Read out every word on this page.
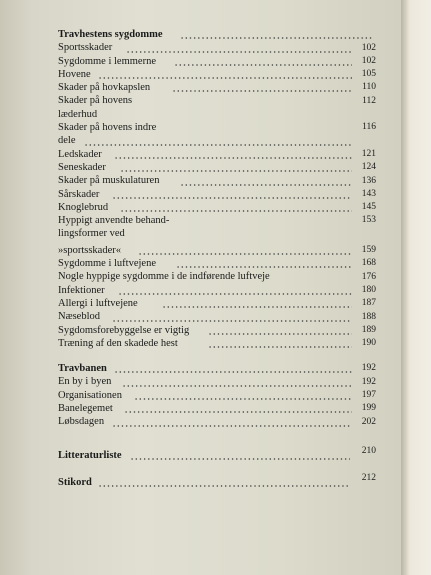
Travhestens sygdomme
Sportsskader	102
Sygdomme i lemmerne	102
Hovene	105
Skader på hovkapslen	110
Skader på hovens	112
læderhud
Skader på hovens indre	116
dele
Ledskader	121
Seneskader	124
Skader på muskulaturen	136
Sårskader	143
Knoglebrud	145
Hyppigt anvendte behand-	153
lingsformer ved
»sportsskader«	159
Sygdomme i luftvejene	168
Nogle hyppige sygdomme i de indførende luftveje	176
Infektioner	180
Allergi i luftvejene	187
Næseblod	188
Sygdomsforebyggelse er vigtig	189
Træning af den skadede hest	190
Travbanen	192
En by i byen	192
Organisationen	197
Banelegemet	199
Løbsdagen	202
Litteraturliste	210
Stikord	212
